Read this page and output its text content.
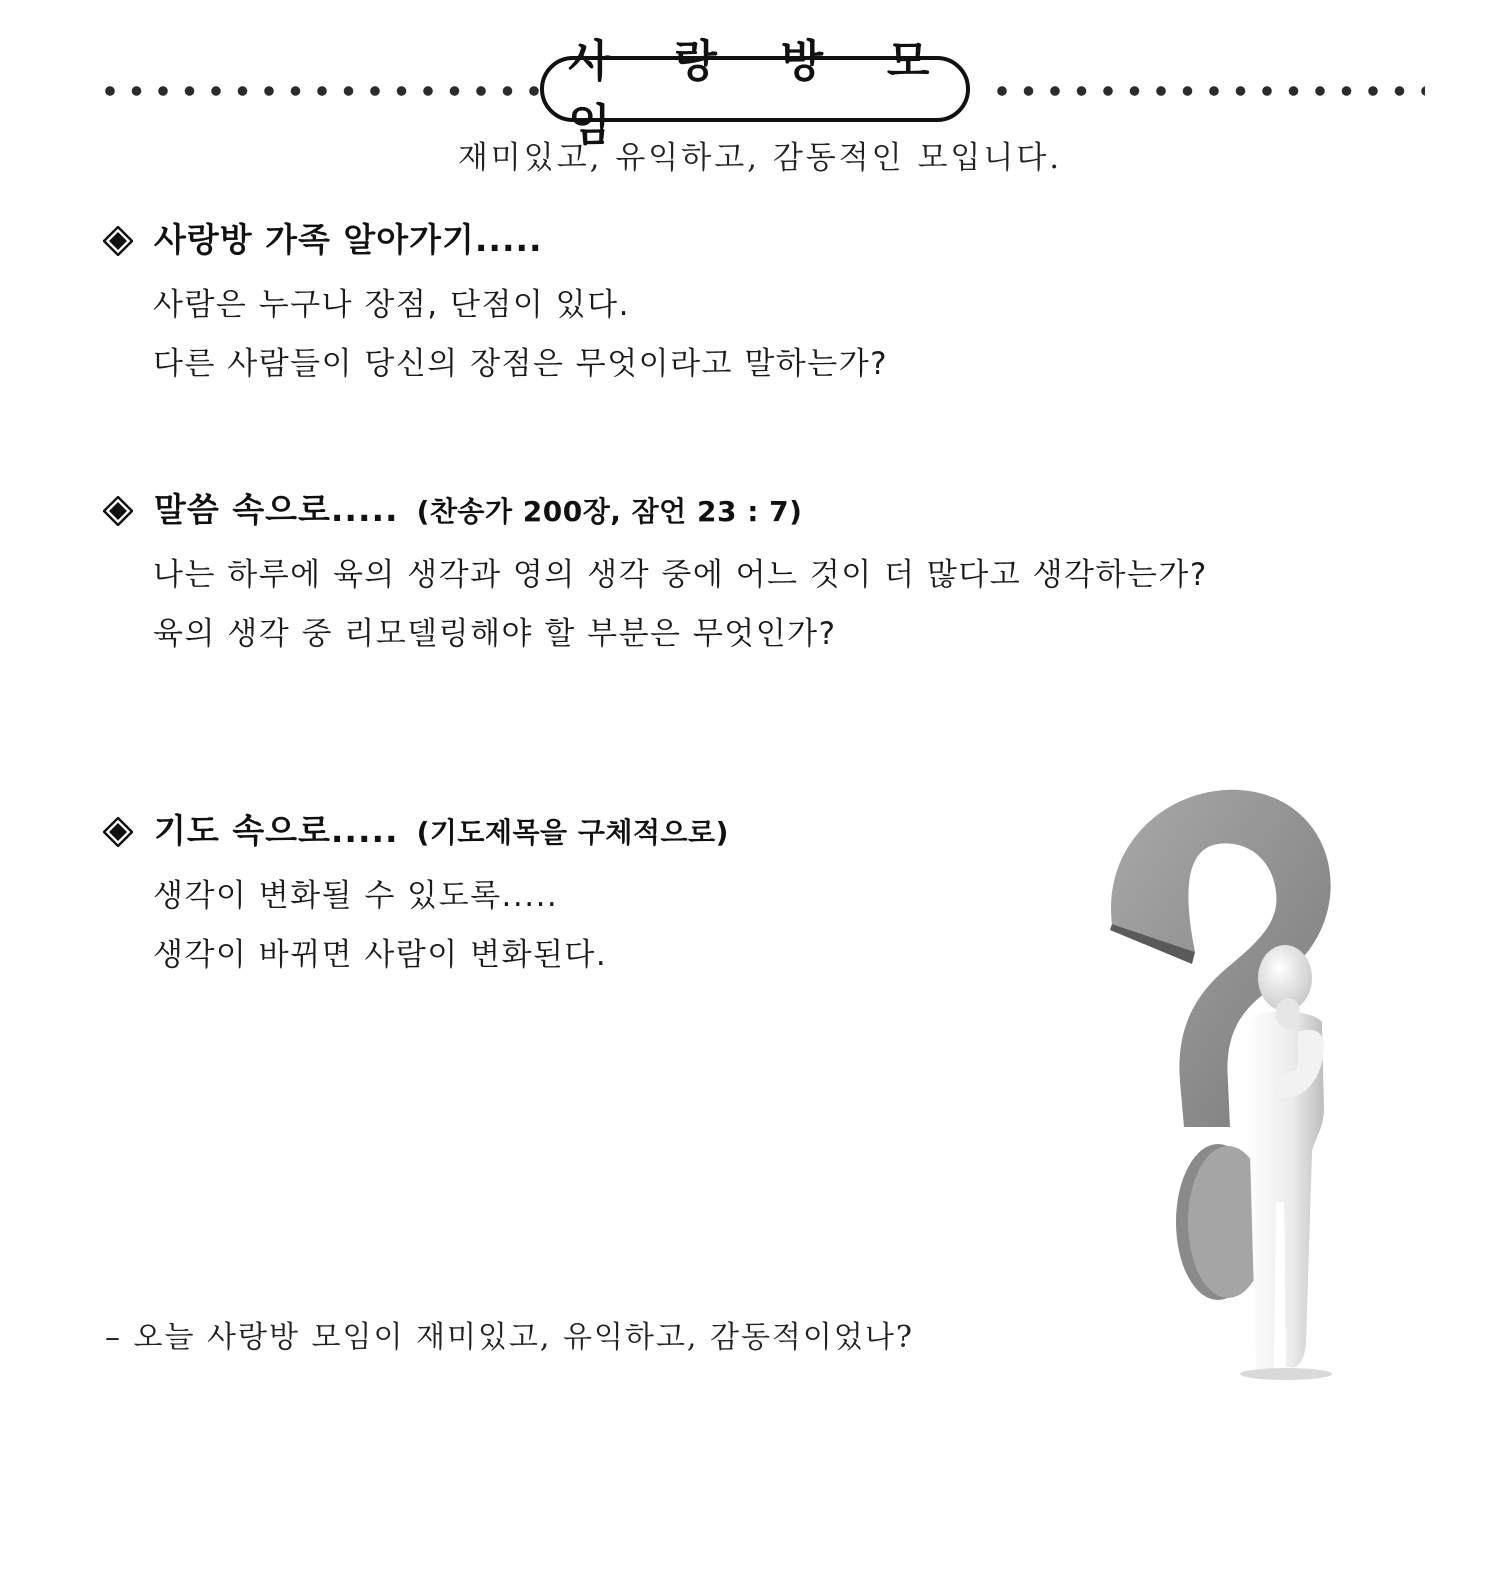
사 랑 방 모 임
재미있고, 유익하고, 감동적인 모입니다.
사랑방 가족 알아가기.....
사람은 누구나 장점, 단점이 있다.
다른 사람들이 당신의 장점은 무엇이라고 말하는가?
말씀 속으로..... (찬송가 200장, 잠언 23 : 7)
나는 하루에 육의 생각과 영의 생각 중에 어느 것이 더 많다고 생각하는가?
육의 생각 중 리모델링해야 할 부분은 무엇인가?
기도 속으로..... (기도제목을 구체적으로)
생각이 변화될 수 있도록.....
생각이 바뀌면 사람이 변화된다.
– 오늘 사랑방 모임이 재미있고, 유익하고, 감동적이었나?
